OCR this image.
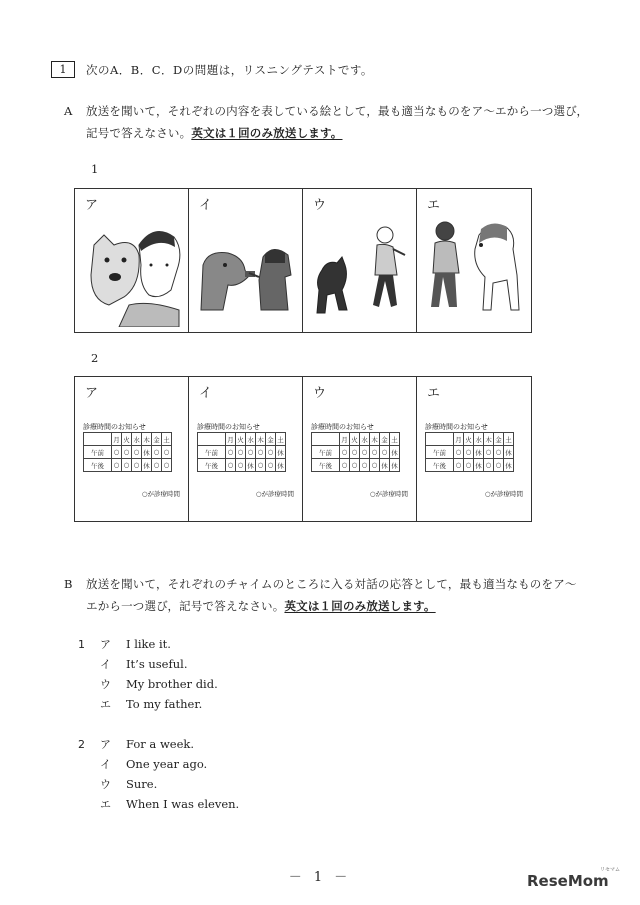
1	次のA．B．C．Dの問題は，リスニングテストです。
A 放送を聞いて，それぞれの内容を表している絵として，最も適当なものをア～エから一つ選び，
記号で答えなさい。英文は１回のみ放送します。
1
ア	イ	ウ	エ
2
ア
診療時間のお知らせ
	月	火	水	木	金	土
午前	○	○	○	休	○	○
午後	○	○	○	休	○	○
○が診療時間
イ
診療時間のお知らせ
	月	火	水	木	金	土
午前	○	○	○	○	○	休
午後	○	○	休	○	○	休
○が診療時間
ウ
診療時間のお知らせ
	月	火	水	木	金	土
午前	○	○	○	○	○	休
午後	○	○	○	○	休	休
○が診療時間
エ
診療時間のお知らせ
	月	火	水	木	金	土
午前	○	○	休	○	○	休
午後	○	○	休	○	○	休
○が診療時間
B 放送を聞いて，それぞれのチャイムのところに入る対話の応答として，最も適当なものをア～
エから一つ選び，記号で答えなさい。英文は１回のみ放送します。
1 ア I like it.
イ It’s useful.
ウ My brother did.
エ To my father.
2 ア For a week.
イ One year ago.
ウ Sure.
エ When I was eleven.
－ 1 －	ReseMom
リセマム
